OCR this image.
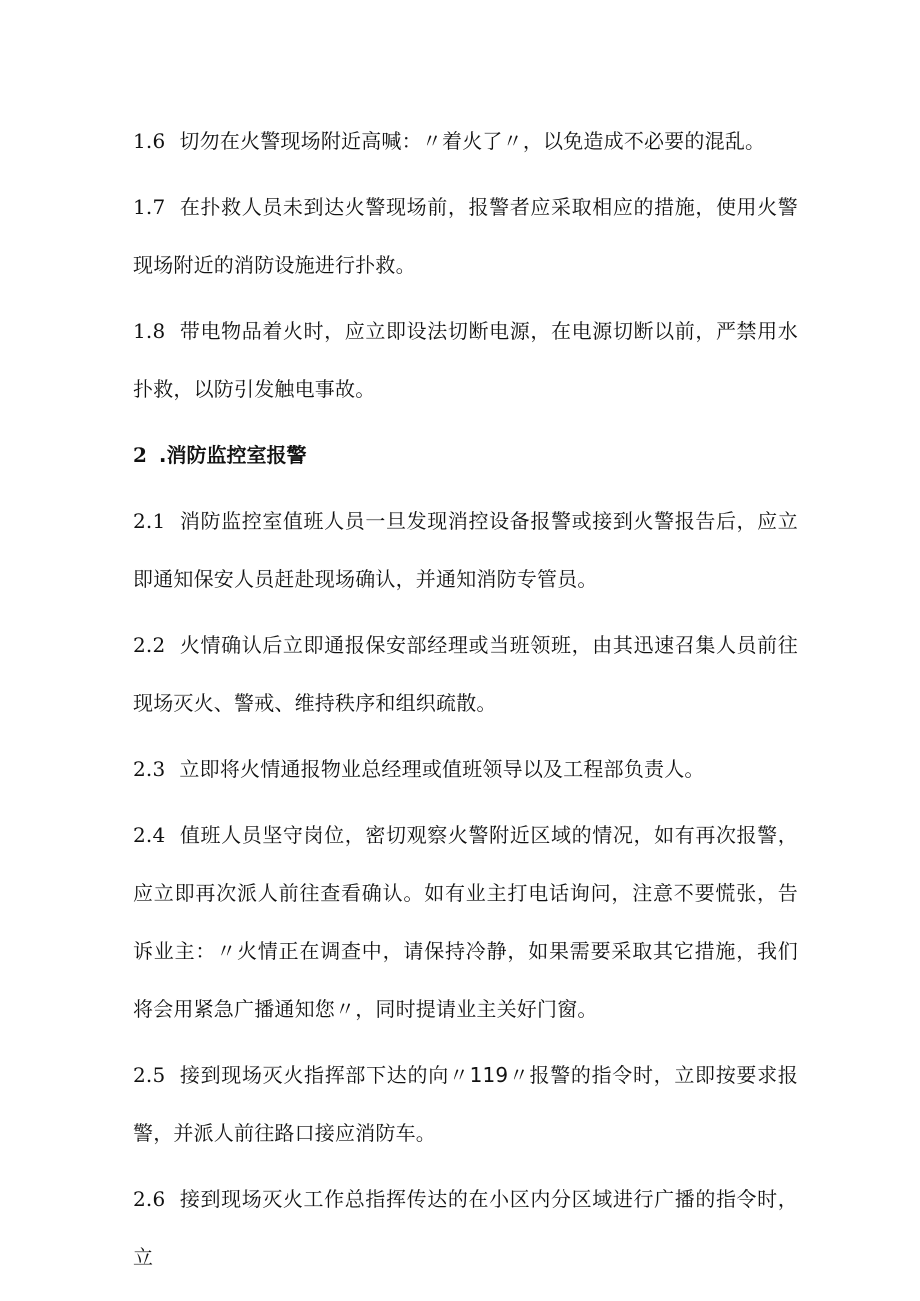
1.6 切勿在火警现场附近高喊：〃着火了〃，以免造成不必要的混乱。

1.7 在扑救人员未到达火警现场前，报警者应采取相应的措施，使用火警现场附近的消防设施进行扑救。

1.8 带电物品着火时，应立即设法切断电源，在电源切断以前，严禁用水扑救，以防引发触电事故。

2 .消防监控室报警

2.1 消防监控室值班人员一旦发现消控设备报警或接到火警报告后，应立即通知保安人员赶赴现场确认，并通知消防专管员。

2.2 火情确认后立即通报保安部经理或当班领班，由其迅速召集人员前往现场灭火、警戒、维持秩序和组织疏散。

2.3 立即将火情通报物业总经理或值班领导以及工程部负责人。

2.4 值班人员坚守岗位，密切观察火警附近区域的情况，如有再次报警，应立即再次派人前往查看确认。如有业主打电话询问，注意不要慌张，告诉业主：〃火情正在调查中，请保持冷静，如果需要采取其它措施，我们将会用紧急广播通知您〃，同时提请业主关好门窗。

2.5 接到现场灭火指挥部下达的向〃119〃报警的指令时，立即按要求报警，并派人前往路口接应消防车。

2.6 接到现场灭火工作总指挥传达的在小区内分区域进行广播的指令时，立
